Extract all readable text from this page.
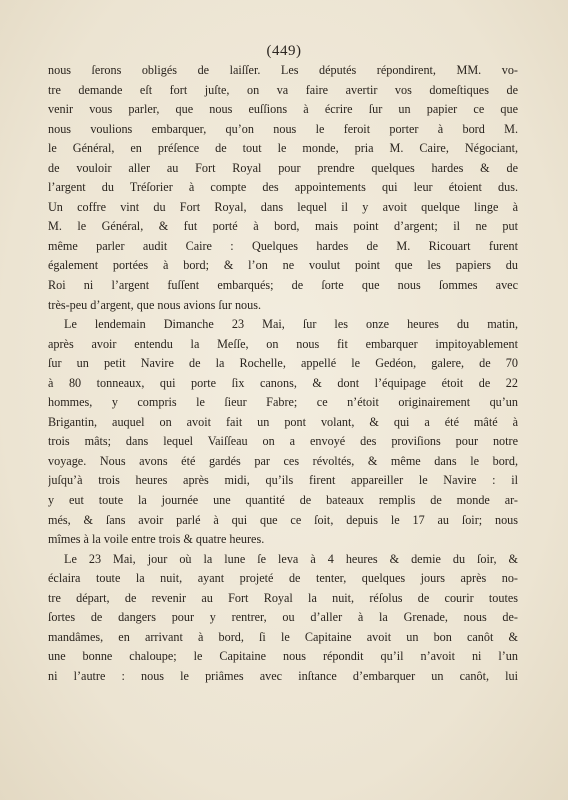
(449)
nous ſerons obligés de laiſſer. Les députés répondirent, MM. vo-
tre demande eſt fort juſte, on va faire avertir vos domeſtiques de
venir vous parler, que nous euſſions à écrire ſur un papier ce que
nous voulions embarquer, qu’on nous le feroit porter à bord M.
le Général, en préſence de tout le monde, pria M. Caire, Négociant,
de vouloir aller au Fort Royal pour prendre quelques hardes & de
l’argent du Tréſorier à compte des appointements qui leur étoient dus.
Un coffre vint du Fort Royal, dans lequel il y avoit quelque linge à
M. le Général, & fut porté à bord, mais point d’argent; il ne put
même parler audit Caire : Quelques hardes de M. Ricouart furent
également portées à bord; & l’on ne voulut point que les papiers du
Roi ni l’argent fuſſent embarqués; de ſorte que nous ſommes avec
très-peu d’argent, que nous avions ſur nous.
Le lendemain Dimanche 23 Mai, ſur les onze heures du matin,
après avoir entendu la Meſſe, on nous fit embarquer impitoyablement
ſur un petit Navire de la Rochelle, appellé le Gedéon, galere, de 70
à 80 tonneaux, qui porte ſix canons, & dont l’équipage étoit de 22
hommes, y compris le ſieur Fabre; ce n’étoit originairement qu’un
Brigantin, auquel on avoit fait un pont volant, & qui a été mâté à
trois mâts; dans lequel Vaiſſeau on a envoyé des proviſions pour notre
voyage. Nous avons été gardés par ces révoltés, & même dans le bord,
juſqu’à trois heures après midi, qu’ils firent appareiller le Navire : il
y eut toute la journée une quantité de bateaux remplis de monde ar-
més, & ſans avoir parlé à qui que ce ſoit, depuis le 17 au ſoir; nous
mîmes à la voile entre trois & quatre heures.
Le 23 Mai, jour où la lune ſe leva à 4 heures & demie du ſoir, &
éclaira toute la nuit, ayant projeté de tenter, quelques jours après no-
tre départ, de revenir au Fort Royal la nuit, réſolus de courir toutes
ſortes de dangers pour y rentrer, ou d’aller à la Grenade, nous de-
mandâmes, en arrivant à bord, ſi le Capitaine avoit un bon canôt &
une bonne chaloupe; le Capitaine nous répondit qu’il n’avoit ni l’un
ni l’autre : nous le priâmes avec inſtance d’embarquer un canôt, lui
